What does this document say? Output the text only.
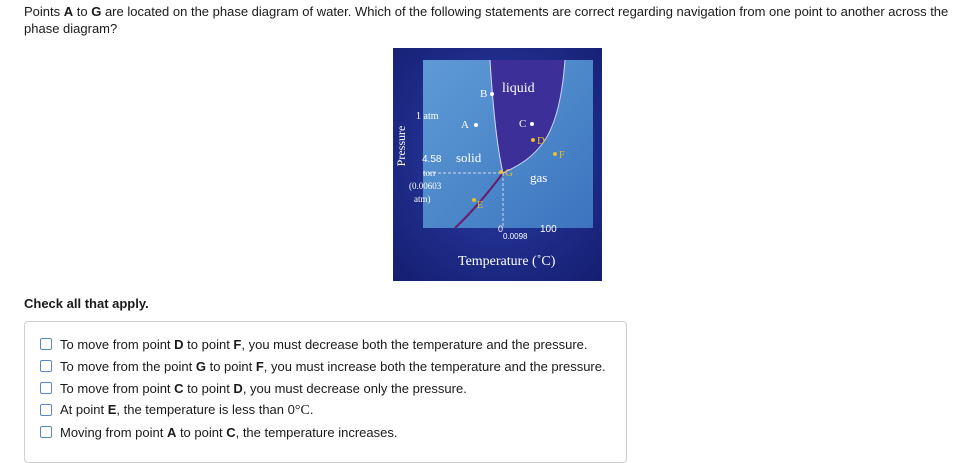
Points A to G are located on the phase diagram of water. Which of the following statements are correct regarding navigation from one point to another across the phase diagram?
Pressure
1 atm
4.58
torr
(0.00603
atm)
liquid
solid
gas
B
A	C
D
F
G
E
0
0.0098
100
Temperature (˚C)
Check all that apply.
To move from point D to point F, you must decrease both the temperature and the pressure.
To move from the point G to point F, you must increase both the temperature and the pressure.
To move from point C to point D, you must decrease only the pressure.
At point E, the temperature is less than 0°C.
Moving from point A to point C, the temperature increases.
